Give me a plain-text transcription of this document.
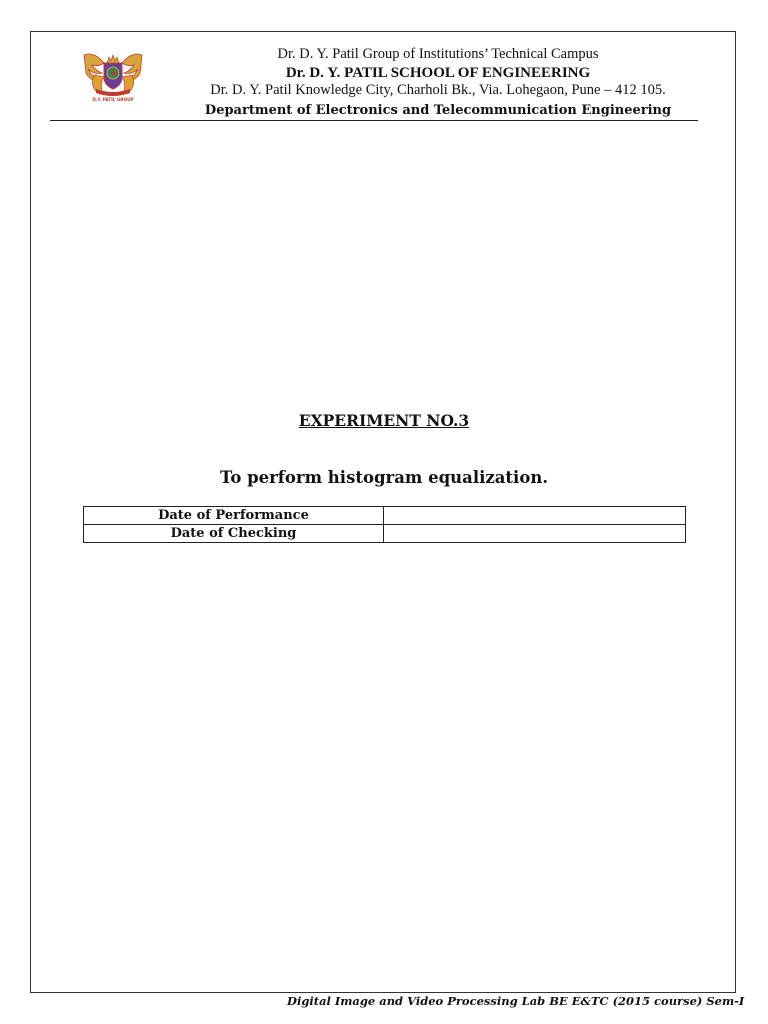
D.Y. PATIL GROUP
Dr. D. Y. Patil Group of Institutions’ Technical Campus
Dr. D. Y. PATIL SCHOOL OF ENGINEERING
Dr. D. Y. Patil Knowledge City, Charholi Bk., Via. Lohegaon, Pune – 412 105.
Department of Electronics and Telecommunication Engineering
EXPERIMENT NO.3
To perform histogram equalization.
Date of Performance	
Date of Checking	
Digital Image and Video Processing Lab BE E&TC (2015 course) Sem-I
